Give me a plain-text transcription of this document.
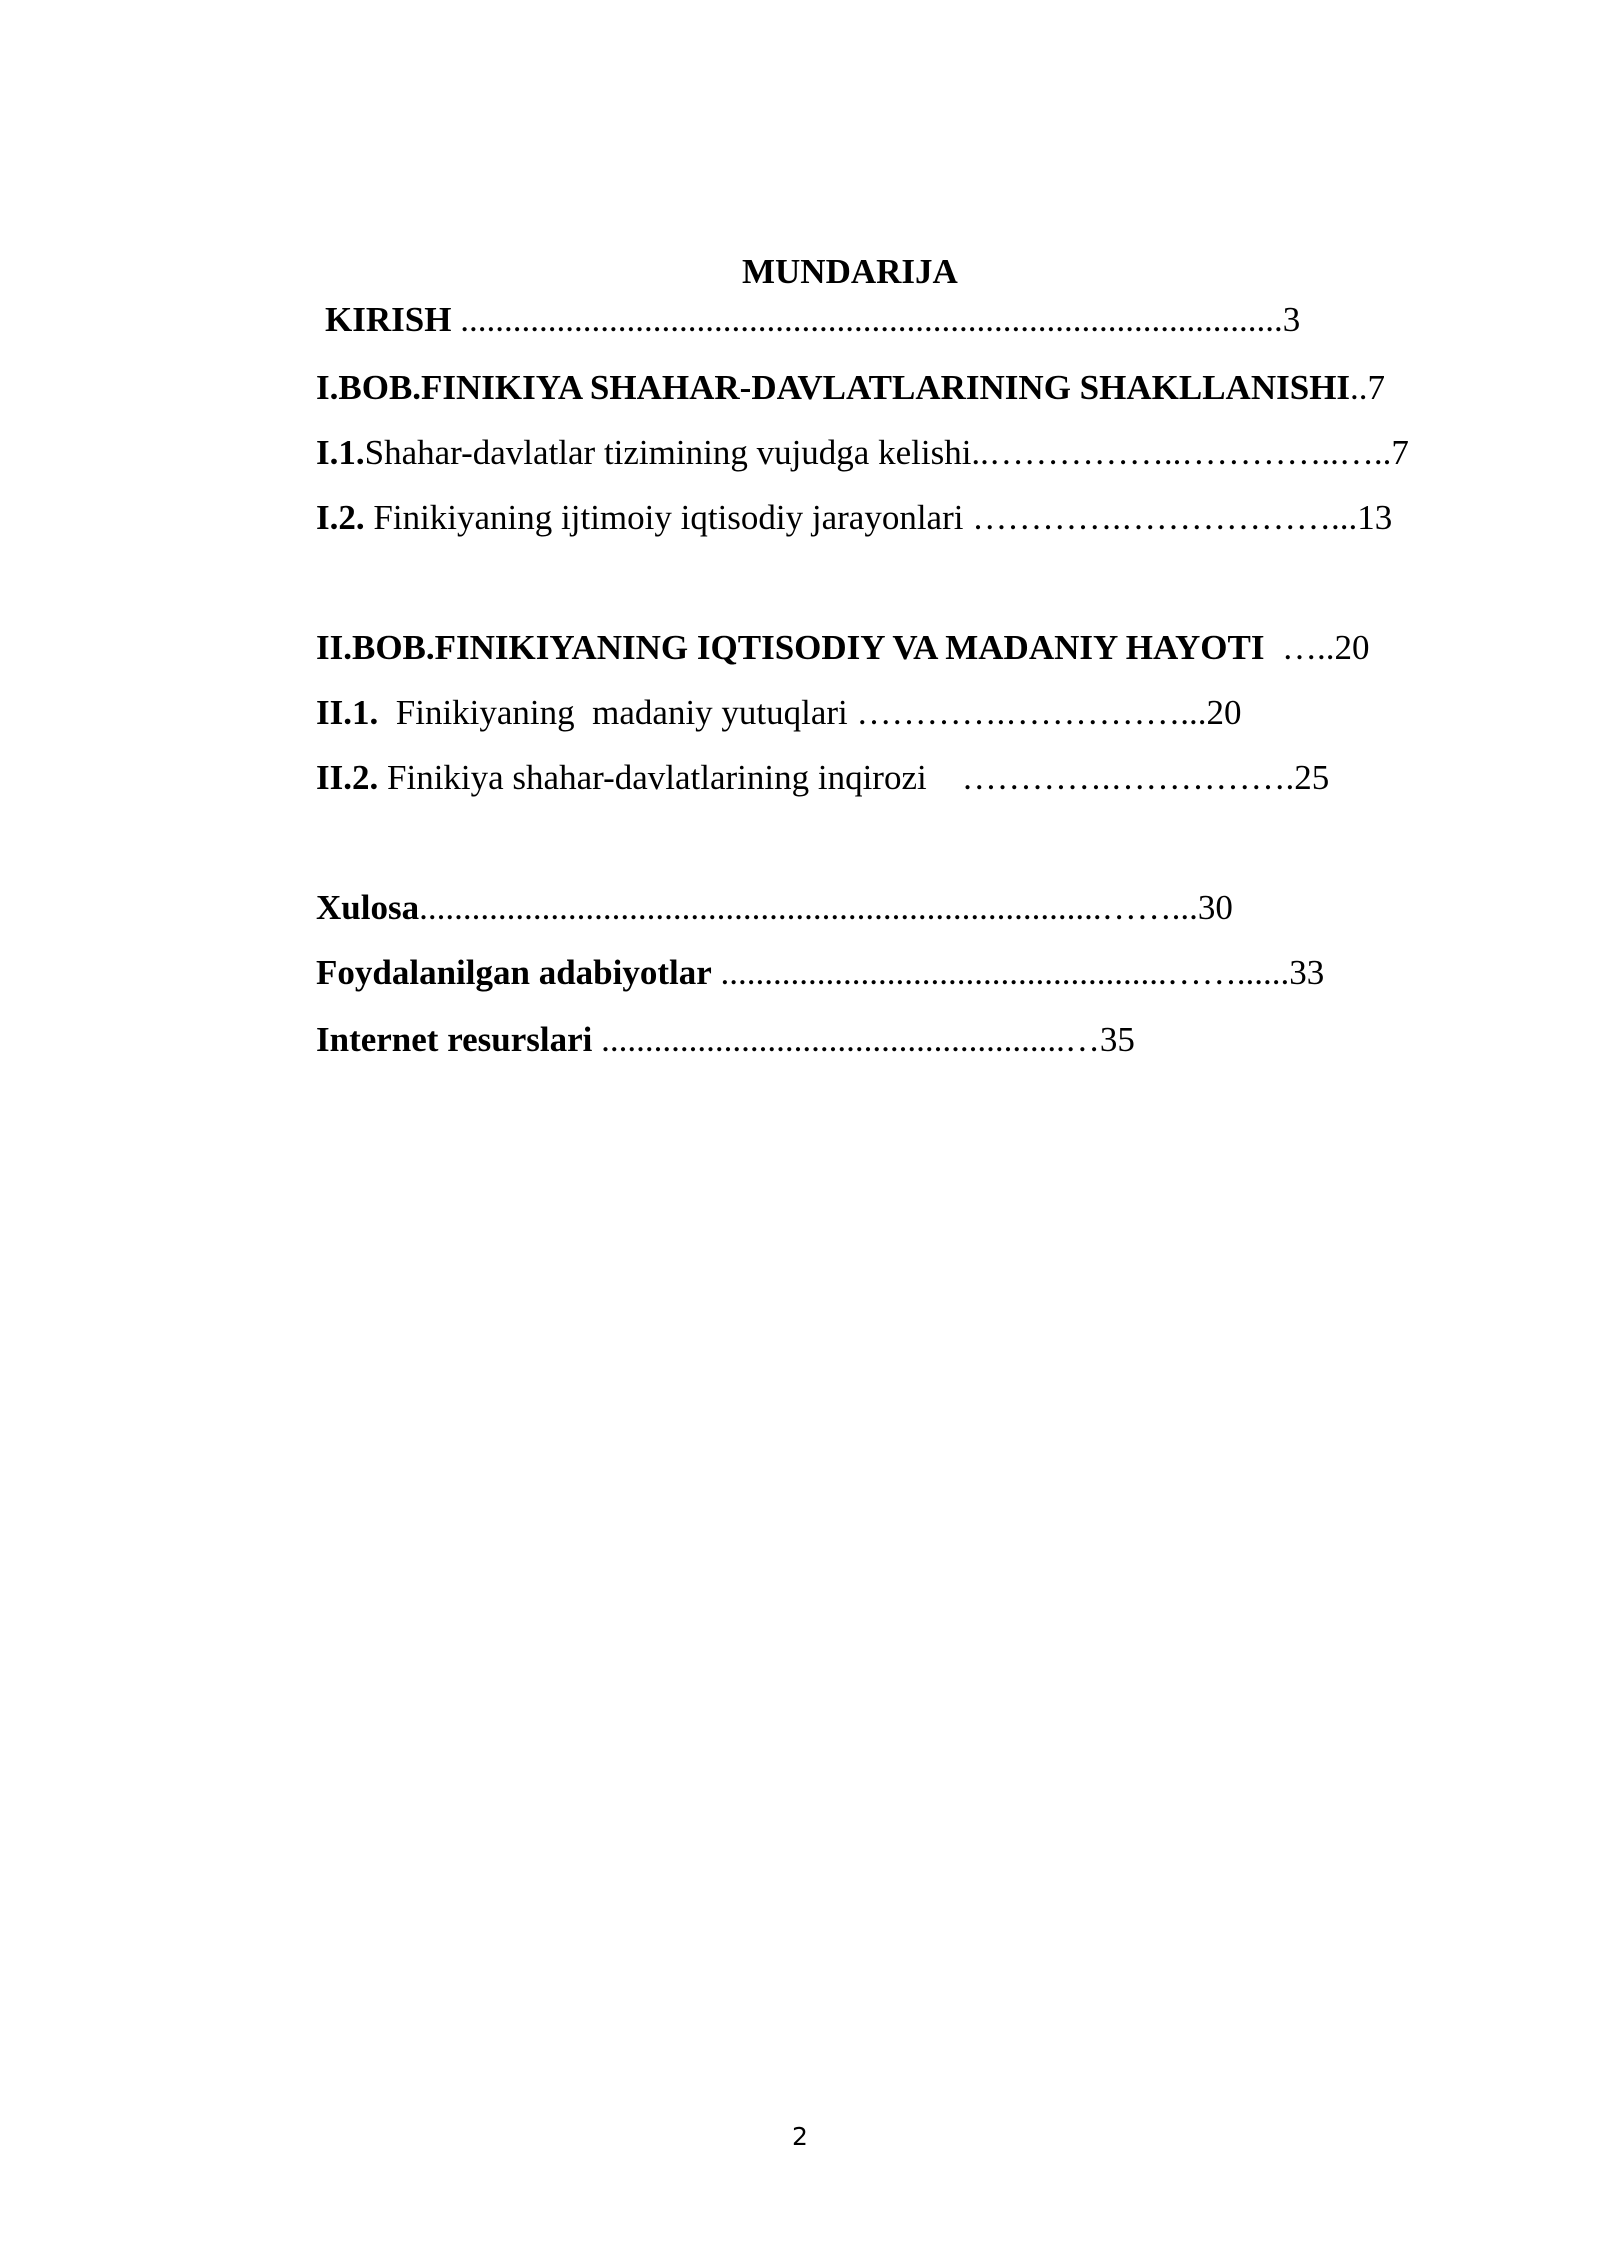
MUNDARIJA
KIRISH ..............................................................................................3
I.BOB.FINIKIYA SHAHAR-DAVLATLARINING SHAKLLANISHI..7
I.1.Shahar-davlatlar tizimining vujudga kelishi..……………..…………..…..7
I.2. Finikiyaning ijtimoiy iqtisodiy jarayonlari ………….………………...13
II.BOB.FINIKIYANING IQTISODIY VA MADANIY HAYOTI …..20
II.1.  Finikiyaning  madaniy yutuqlari ………….……………...20
II.2. Finikiya shahar-davlatlarining inqirozi    ………….…………….25
Xulosa..............................................................................……...30
Foydalanilgan adabiyotlar ...................................................……......33
Internet resurslari .....................................................…35
2
